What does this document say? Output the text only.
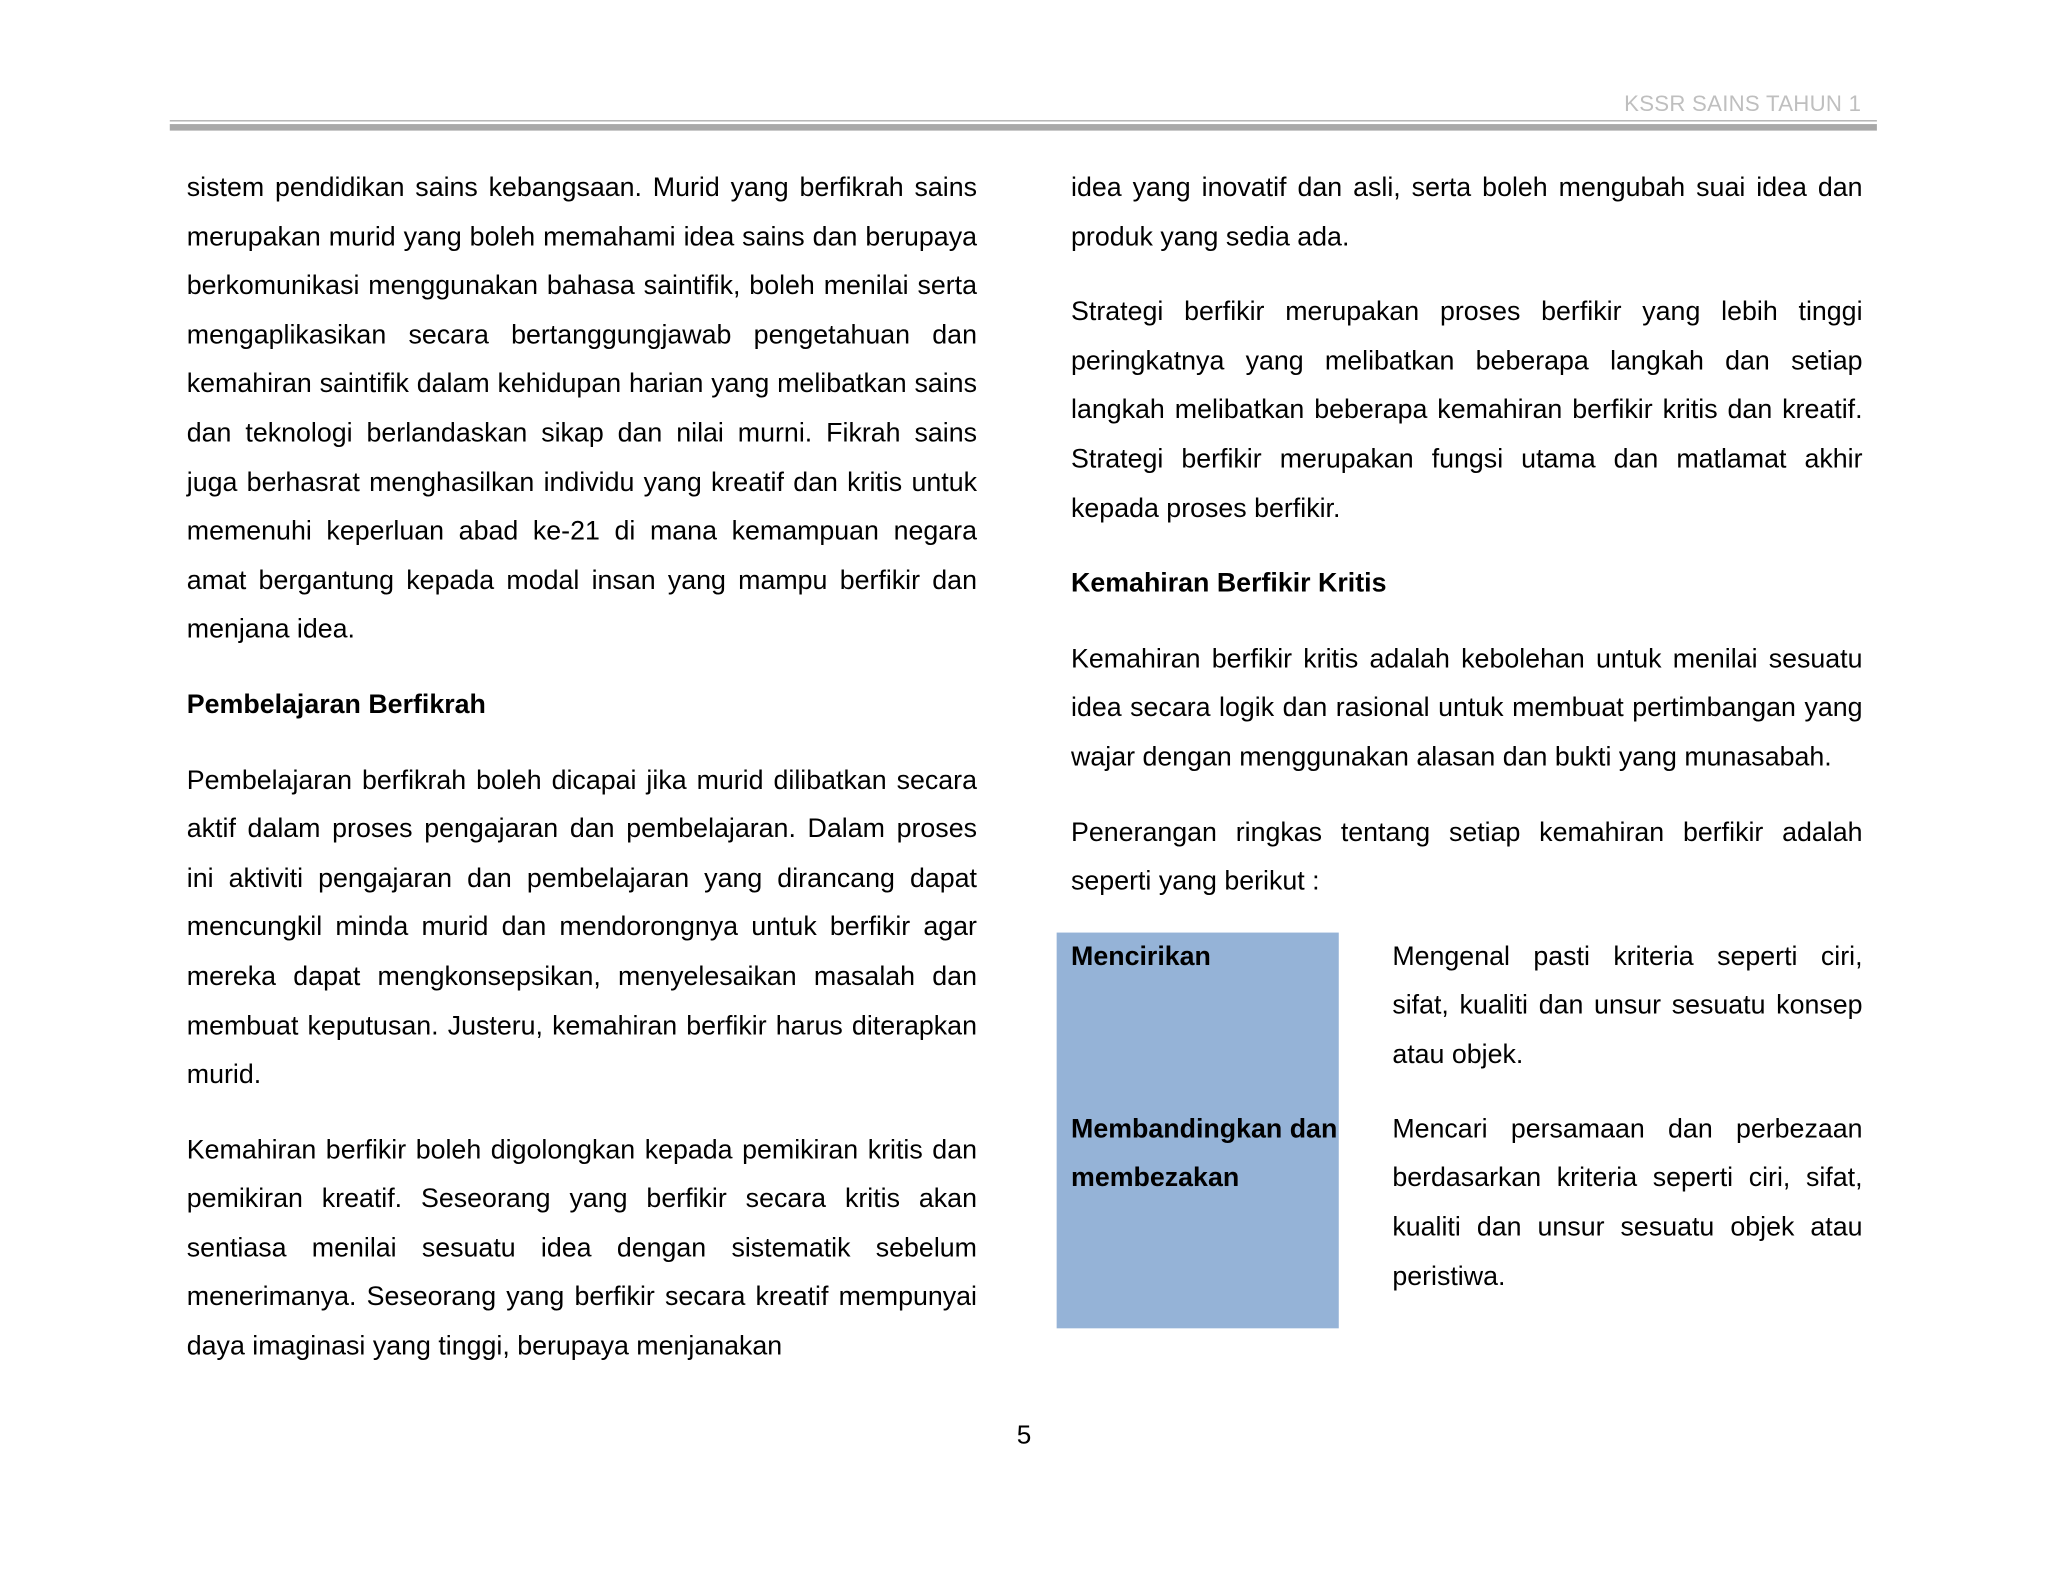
KSSR SAINS TAHUN 1

sistem pendidikan sains kebangsaan. Murid yang berfikrah sains merupakan murid yang boleh memahami idea sains dan berupaya berkomunikasi menggunakan bahasa saintifik, boleh menilai serta mengaplikasikan secara bertanggungjawab pengetahuan dan kemahiran saintifik dalam kehidupan harian yang melibatkan sains dan teknologi berlandaskan sikap dan nilai murni. Fikrah sains juga berhasrat menghasilkan individu yang kreatif dan kritis untuk memenuhi keperluan abad ke-21 di mana kemampuan negara amat bergantung kepada modal insan yang mampu berfikir dan menjana idea.

Pembelajaran Berfikrah

Pembelajaran berfikrah boleh dicapai jika murid dilibatkan secara aktif dalam proses pengajaran dan pembelajaran. Dalam proses ini aktiviti pengajaran dan pembelajaran yang dirancang dapat mencungkil minda murid dan mendorongnya untuk berfikir agar mereka dapat mengkonsepsikan, menyelesaikan masalah dan membuat keputusan. Justeru, kemahiran berfikir harus diterapkan murid.

Kemahiran berfikir boleh digolongkan kepada pemikiran kritis dan pemikiran kreatif. Seseorang yang berfikir secara kritis akan sentiasa menilai sesuatu idea dengan sistematik sebelum menerimanya. Seseorang yang berfikir secara kreatif mempunyai daya imaginasi yang tinggi, berupaya menjanakan

idea yang inovatif dan asli, serta boleh mengubah suai idea dan produk yang sedia ada.

Strategi berfikir merupakan proses berfikir yang lebih tinggi peringkatnya yang melibatkan beberapa langkah dan setiap langkah melibatkan beberapa kemahiran berfikir kritis dan kreatif. Strategi berfikir merupakan fungsi utama dan matlamat akhir kepada proses berfikir.

Kemahiran Berfikir Kritis

Kemahiran berfikir kritis adalah kebolehan untuk menilai sesuatu idea secara logik dan rasional untuk membuat pertimbangan yang wajar dengan menggunakan alasan dan bukti yang munasabah.

Penerangan ringkas tentang setiap kemahiran berfikir adalah seperti yang berikut :

Mencirikan	Mengenal pasti kriteria seperti ciri, sifat, kualiti dan unsur sesuatu konsep atau objek.
Membandingkan dan membezakan
Mencari persamaan dan perbezaan berdasarkan kriteria seperti ciri, sifat, kualiti dan unsur sesuatu objek atau peristiwa.
5
